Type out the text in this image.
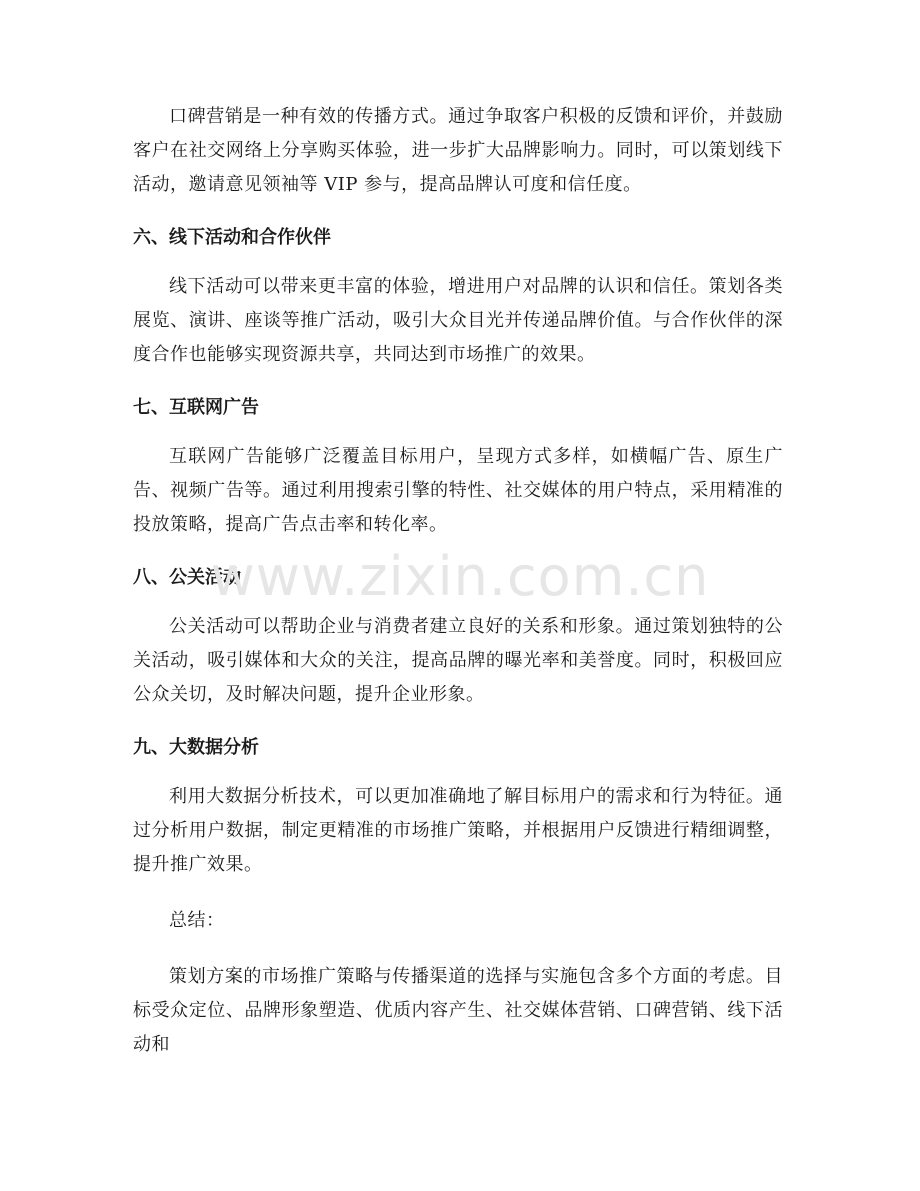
口碑营销是一种有效的传播方式。通过争取客户积极的反馈和评价，并鼓励客户在社交网络上分享购买体验，进一步扩大品牌影响力。同时，可以策划线下活动，邀请意见领袖等 VIP 参与，提高品牌认可度和信任度。

六、线下活动和合作伙伴

线下活动可以带来更丰富的体验，增进用户对品牌的认识和信任。策划各类展览、演讲、座谈等推广活动，吸引大众目光并传递品牌价值。与合作伙伴的深度合作也能够实现资源共享，共同达到市场推广的效果。

七、互联网广告

互联网广告能够广泛覆盖目标用户，呈现方式多样，如横幅广告、原生广告、视频广告等。通过利用搜索引擎的特性、社交媒体的用户特点，采用精准的投放策略，提高广告点击率和转化率。

八、公关活动

公关活动可以帮助企业与消费者建立良好的关系和形象。通过策划独特的公关活动，吸引媒体和大众的关注，提高品牌的曝光率和美誉度。同时，积极回应公众关切，及时解决问题，提升企业形象。

九、大数据分析

利用大数据分析技术，可以更加准确地了解目标用户的需求和行为特征。通过分析用户数据，制定更精准的市场推广策略，并根据用户反馈进行精细调整，提升推广效果。

总结：

策划方案的市场推广策略与传播渠道的选择与实施包含多个方面的考虑。目标受众定位、品牌形象塑造、优质内容产生、社交媒体营销、口碑营销、线下活动和

www.zixin.com.cn
